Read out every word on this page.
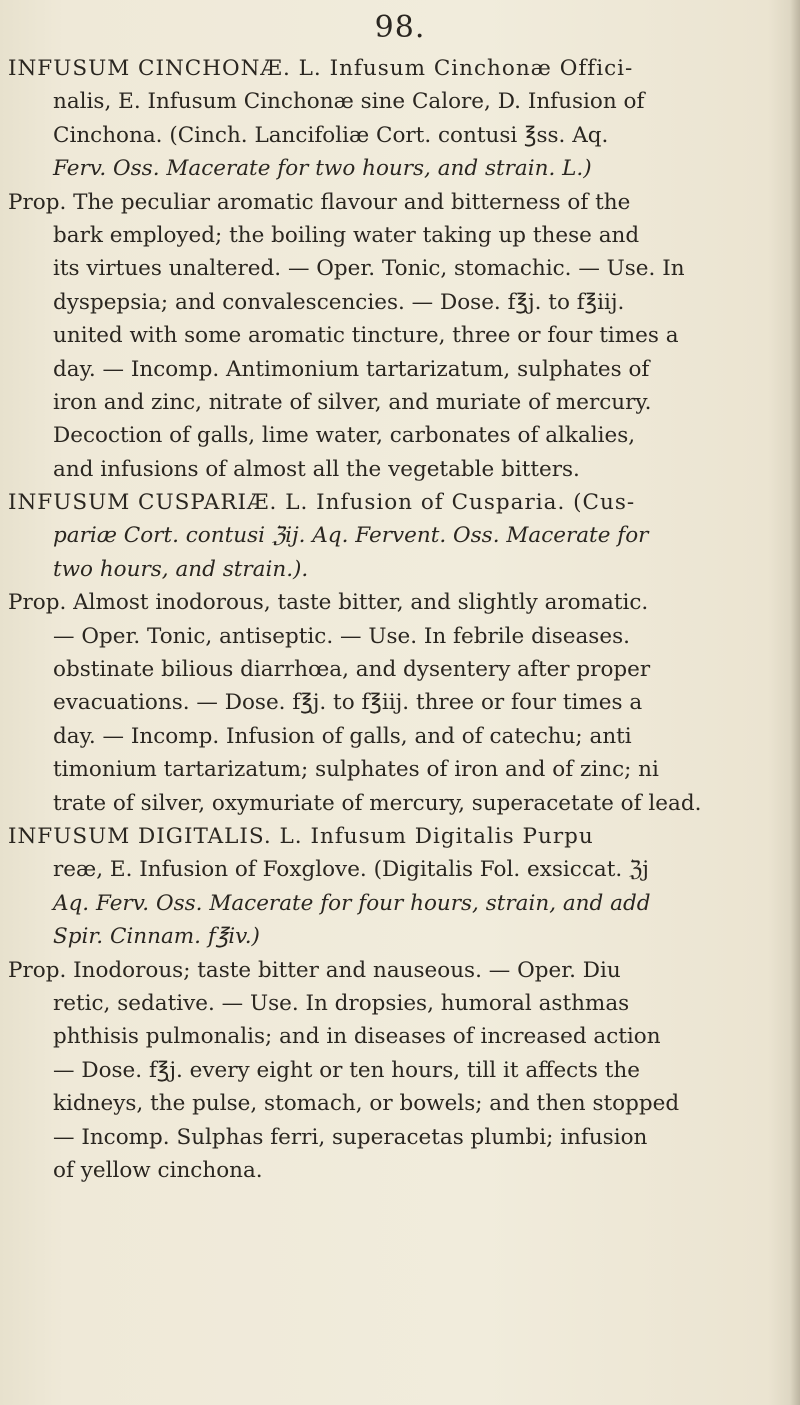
98.
INFUSUM CINCHONÆ. L. Infusum Cinchonæ Offici-
nalis, E. Infusum Cinchonæ sine Calore, D. Infusion of
Cinchona. (Cinch. Lancifoliæ Cort. contusi ℥ss. Aq.
Ferv. Oss. Macerate for two hours, and strain. L.)
Prop. The peculiar aromatic flavour and bitterness of the
bark employed; the boiling water taking up these and
its virtues unaltered. — Oper. Tonic, stomachic. — Use. In
dyspepsia; and convalescencies. — Dose. f℥j. to f℥iij.
united with some aromatic tincture, three or four times a
day. — Incomp. Antimonium tartarizatum, sulphates of
iron and zinc, nitrate of silver, and muriate of mercury.
Decoction of galls, lime water, carbonates of alkalies,
and infusions of almost all the vegetable bitters.
INFUSUM CUSPARIÆ. L. Infusion of Cusparia. (Cus-
pariæ Cort. contusi ℨij. Aq. Fervent. Oss. Macerate for
two hours, and strain.).
Prop. Almost inodorous, taste bitter, and slightly aromatic.
— Oper. Tonic, antiseptic. — Use. In febrile diseases.
obstinate bilious diarrhœa, and dysentery after proper
evacuations. — Dose. f℥j. to f℥iij. three or four times a
day. — Incomp. Infusion of galls, and of catechu; anti
timonium tartarizatum; sulphates of iron and of zinc; ni
trate of silver, oxymuriate of mercury, superacetate of lead.
INFUSUM DIGITALIS. L. Infusum Digitalis Purpu
reæ, E. Infusion of Foxglove. (Digitalis Fol. exsiccat. ℨj
Aq. Ferv. Oss. Macerate for four hours, strain, and add
Spir. Cinnam. f℥iv.)
Prop. Inodorous; taste bitter and nauseous. — Oper. Diu
retic, sedative. — Use. In dropsies, humoral asthmas
phthisis pulmonalis; and in diseases of increased action
— Dose. f℥j. every eight or ten hours, till it affects the
kidneys, the pulse, stomach, or bowels; and then stopped
— Incomp. Sulphas ferri, superacetas plumbi; infusion
of yellow cinchona.
